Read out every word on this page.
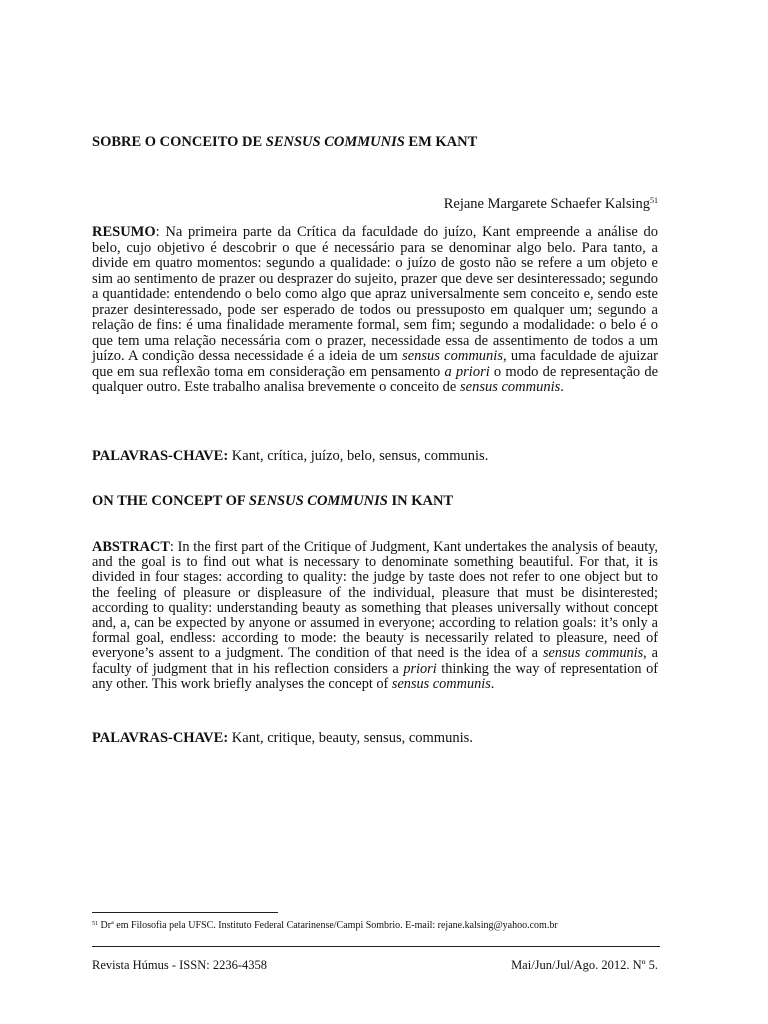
SOBRE O CONCEITO DE SENSUS COMMUNIS EM KANT

Rejane Margarete Schaefer Kalsing$^{51}$

RESUMO: Na primeira parte da Crítica da faculdade do juízo, Kant empreende a análise do belo, cujo objetivo é descobrir o que é necessário para se denominar algo belo. Para tanto, a divide em quatro momentos: segundo a qualidade: o juízo de gosto não se refere a um objeto e sim ao sentimento de prazer ou desprazer do sujeito, prazer que deve ser desinteressado; segundo a quantidade: entendendo o belo como algo que apraz universalmente sem conceito e, sendo este prazer desinteressado, pode ser esperado de todos ou pressuposto em qualquer um; segundo a relação de fins: é uma finalidade meramente formal, sem fim; segundo a modalidade: o belo é o que tem uma relação necessária com o prazer, necessidade essa de assentimento de todos a um juízo. A condição dessa necessidade é a ideia de um sensus communis, uma faculdade de ajuizar que em sua reflexão toma em consideração em pensamento a priori o modo de representação de qualquer outro. Este trabalho analisa brevemente o conceito de sensus communis.

PALAVRAS-CHAVE: Kant, crítica, juízo, belo, sensus, communis.

ON THE CONCEPT OF SENSUS COMMUNIS IN KANT

ABSTRACT: In the first part of the Critique of Judgment, Kant undertakes the analysis of beauty, and the goal is to find out what is necessary to denominate something beautiful. For that, it is divided in four stages: according to quality: the judge by taste does not refer to one object but to the feeling of pleasure or displeasure of the individual, pleasure that must be disinterested; according to quality: understanding beauty as something that pleases universally without concept and, a, can be expected by anyone or assumed in everyone; according to relation goals: it’s only a formal goal, endless: according to mode: the beauty is necessarily related to pleasure, need of everyone’s assent to a judgment. The condition of that need is the idea of a sensus communis, a faculty of judgment that in his reflection considers a priori thinking the way of representation of any other. This work briefly analyses the concept of sensus communis.

PALAVRAS-CHAVE: Kant, critique, beauty, sensus, communis.

$^{51}$ Drª em Filosofia pela UFSC. Instituto Federal Catarinense/Campi Sombrio. E-mail: rejane.kalsing@yahoo.com.br
Revista Húmus - ISSN: 2236-4358	Mai/Jun/Jul/Ago. 2012. Nº 5.
